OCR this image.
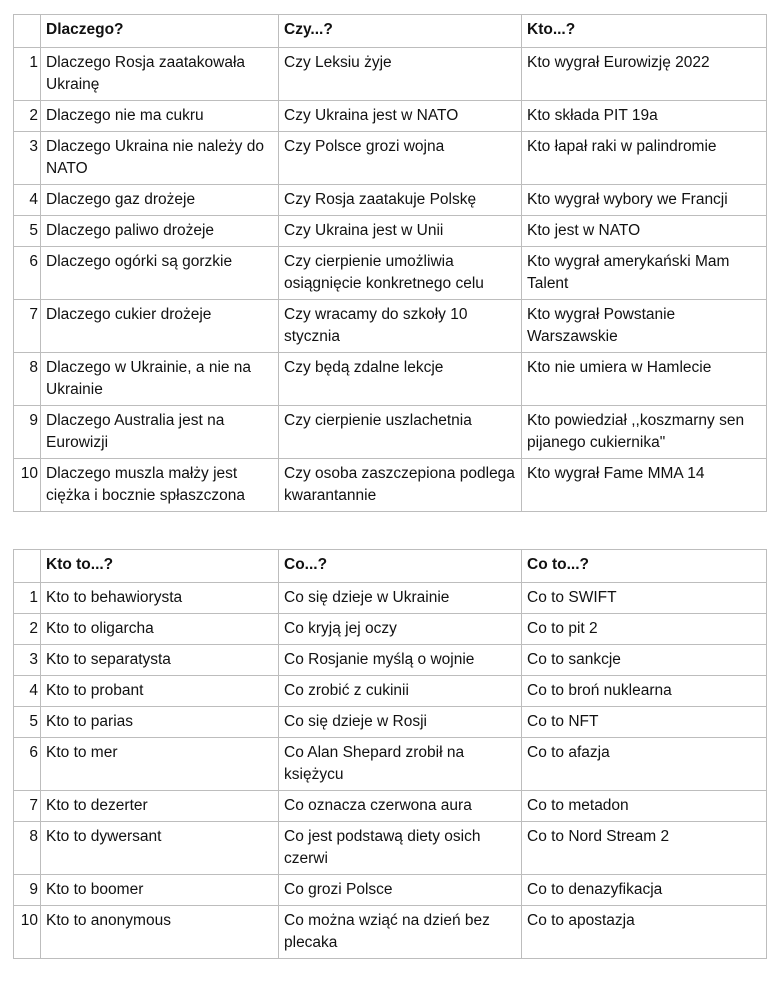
	Dlaczego?	Czy...?	Kto...?
1	Dlaczego Rosja zaatakowała Ukrainę	Czy Leksiu żyje	Kto wygrał Eurowizję 2022
2	Dlaczego nie ma cukru	Czy Ukraina jest w NATO	Kto składa PIT 19a
3	Dlaczego Ukraina nie należy do NATO	Czy Polsce grozi wojna	Kto łapał raki w palindromie
4	Dlaczego gaz drożeje	Czy Rosja zaatakuje Polskę	Kto wygrał wybory we Francji
5	Dlaczego paliwo drożeje	Czy Ukraina jest w Unii	Kto jest w NATO
6	Dlaczego ogórki są gorzkie	Czy cierpienie umożliwia osiągnięcie konkretnego celu	Kto wygrał amerykański Mam Talent
7	Dlaczego cukier drożeje	Czy wracamy do szkoły 10 stycznia	Kto wygrał Powstanie Warszawskie
8	Dlaczego w Ukrainie, a nie na Ukrainie	Czy będą zdalne lekcje	Kto nie umiera w Hamlecie
9	Dlaczego Australia jest na Eurowizji	Czy cierpienie uszlachetnia	Kto powiedział ,,koszmarny sen pijanego cukiernika"
10	Dlaczego muszla małży jest ciężka i bocznie spłaszczona	Czy osoba zaszczepiona podlega kwarantannie	Kto wygrał Fame MMA 14
	Kto to...?	Co...?	Co to...?
1	Kto to behawiorysta	Co się dzieje w Ukrainie	Co to SWIFT
2	Kto to oligarcha	Co kryją jej oczy	Co to pit 2
3	Kto to separatysta	Co Rosjanie myślą o wojnie	Co to sankcje
4	Kto to probant	Co zrobić z cukinii	Co to broń nuklearna
5	Kto to parias	Co się dzieje w Rosji	Co to NFT
6	Kto to mer	Co Alan Shepard zrobił na księżycu	Co to afazja
7	Kto to dezerter	Co oznacza czerwona aura	Co to metadon
8	Kto to dywersant	Co jest podstawą diety osich czerwi	Co to Nord Stream 2
9	Kto to boomer	Co grozi Polsce	Co to denazyfikacja
10	Kto to anonymous	Co można wziąć na dzień bez plecaka	Co to apostazja
